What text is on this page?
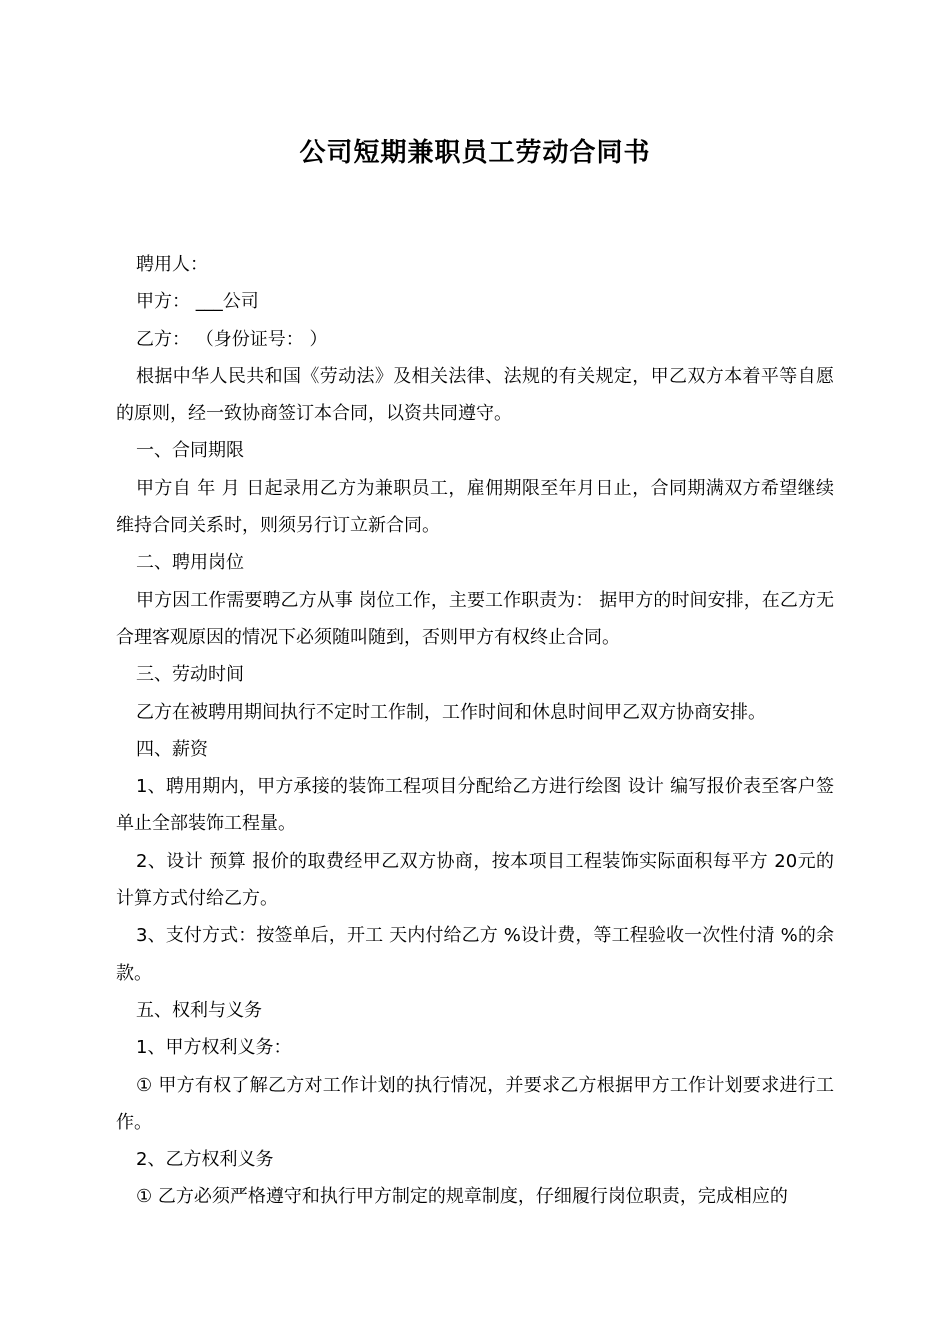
公司短期兼职员工劳动合同书

聘用人：

甲方： ___公司

乙方： （身份证号： ）

根据中华人民共和国《劳动法》及相关法律、法规的有关规定，甲乙双方本着平等自愿的原则，经一致协商签订本合同，以资共同遵守。

一、合同期限

甲方自 年 月 日起录用乙方为兼职员工，雇佣期限至年月日止，合同期满双方希望继续维持合同关系时，则须另行订立新合同。

二、聘用岗位

甲方因工作需要聘乙方从事 岗位工作，主要工作职责为： 据甲方的时间安排，在乙方无合理客观原因的情况下必须随叫随到，否则甲方有权终止合同。

三、劳动时间

乙方在被聘用期间执行不定时工作制，工作时间和休息时间甲乙双方协商安排。

四、薪资

1、聘用期内，甲方承接的装饰工程项目分配给乙方进行绘图 设计 编写报价表至客户签单止全部装饰工程量。

2、设计 预算 报价的取费经甲乙双方协商，按本项目工程装饰实际面积每平方 20元的计算方式付给乙方。

3、支付方式：按签单后，开工 天内付给乙方 %设计费，等工程验收一次性付清 %的余款。

五、权利与义务

1、甲方权利义务：

① 甲方有权了解乙方对工作计划的执行情况，并要求乙方根据甲方工作计划要求进行工作。

2、乙方权利义务

① 乙方必须严格遵守和执行甲方制定的规章制度，仔细履行岗位职责，完成相应的
